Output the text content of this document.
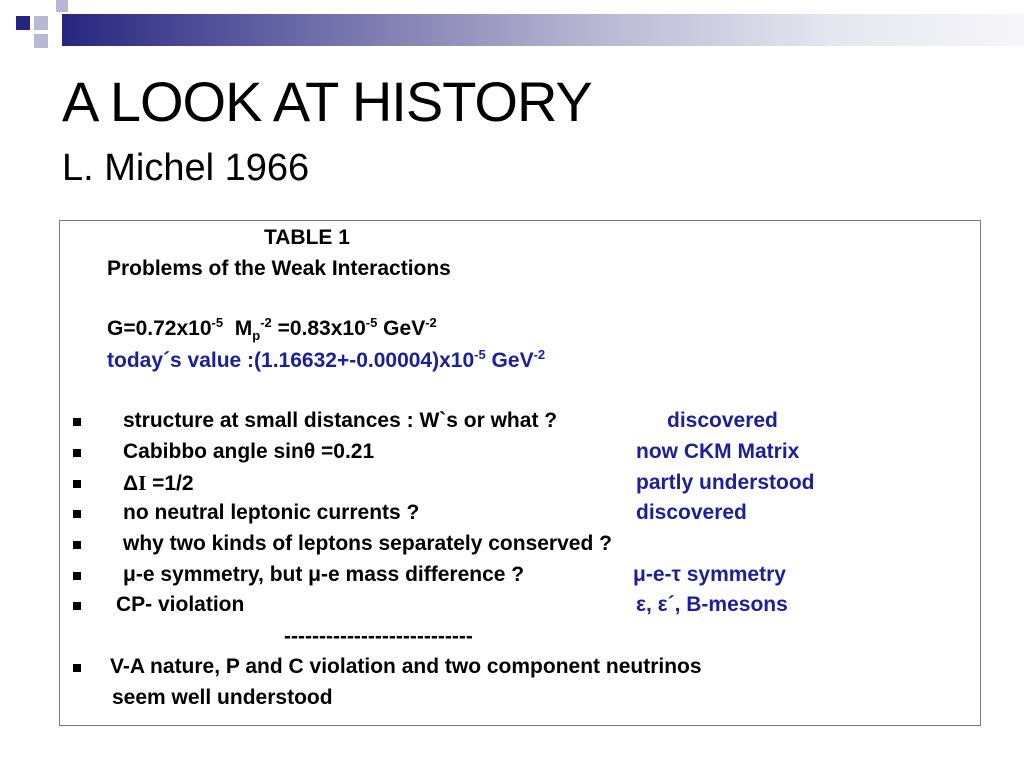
A LOOK AT HISTORY
L. Michel 1966
TABLE 1
Problems of the Weak Interactions
$G=0.72x10^{-5}$ $M_p^{-2} =0.83x10^{-5}$ GeV$^{-2}$
today´s value $:(1.16632+-0.00004)x10^{-5}$ GeV$^{-2}$
structure at small distances : W`s or what ?	discovered
Cabibbo angle sinθ =0.21	now CKM Matrix
ΔI =1/2	partly understood
no neutral leptonic currents ?	discovered
why two kinds of leptons separately conserved ?
μ-e symmetry, but μ-e mass difference ?	μ-e-τ symmetry
CP- violation	ε, ε´, B-mesons
---------------------------
V-A nature, P and C violation and two component neutrinos
seem well understood
